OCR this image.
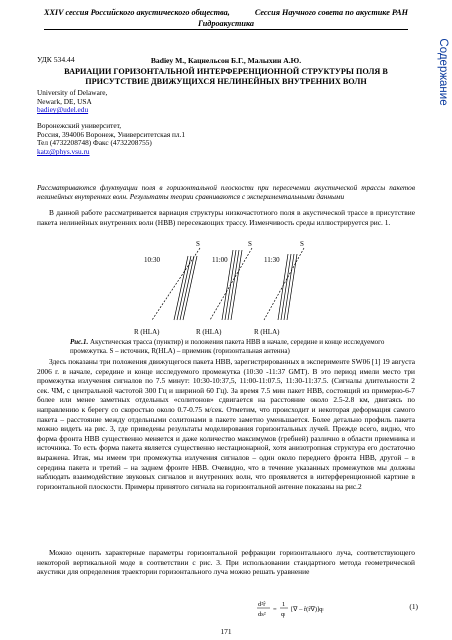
XXIV сессия Российского акустического общества,	Сессия Научного совета по акустике РАН
Гидроакустика
Содержание
УДК 534.44	Badiey M., Кацнельсон Б.Г., Малыхин А.Ю.
ВАРИАЦИИ ГОРИЗОНТАЛЬНОЙ ИНТЕРФЕРЕНЦИОННОЙ СТРУКТУРЫ ПОЛЯ В
ПРИСУТСТВИЕ ДВИЖУЩИХСЯ НЕЛИНЕЙНЫХ ВНУТРЕННИХ ВОЛН
University of Delaware,
Newark, DE, USA
badiey@udel.edu
Воронежский университет,
Россия, 394006 Воронеж, Университетская пл.1
Тел (4732208748) Факс (4732208755)
katz@phys.vsu.ru
Рассматриваются флуктуации поля в горизонтальной плоскости при пересечении акустической трассы пакетов нелинейных внутренних волн. Результаты теории сравниваются с экспериментальными данными
В данной работе рассматривается вариация структуры низкочастотного поля в акустической трассе в присутствие пакета нелинейных внутренних волн (НВВ) пересекающих трассу. Изменчивость среды иллюстрируется рис. 1.
S	S	S
10:30	11:00	11:30
R (HLA)	R (HLA)	R (HLA)
Рис.1. Акустическая трасса (пунктир) и положения пакета НВВ в начале, середине и конце исследуемого промежутка. S – источник, R(HLA) – приемник (горизонтальная антенна)
Здесь показаны три положения движущегося пакета НВВ, зарегистрированных в эксперименте SW06 [1] 19 августа 2006 г. в начале, середине и конце исследуемого промежутка (10:30 -11:37 GMT). В это период имели место три промежутка излучения сигналов по 7.5 минут: 10:30-10:37,5, 11:00-11:07.5, 11:30-11:37.5. (Сигналы длительности 2 сек. ЧМ, с центральной частотой 300 Гц и шириной 60 Гц). За время 7.5 мин пакет НВВ, состоящий из примерно-6-7 более или менее заметных отдельных «солитонов» сдвигается на расстояние около 2.5-2.8 км, двигаясь по направлению к берегу со скоростью около 0.7-0.75 м/сек. Отметим, что происходит и некоторая деформация самого пакета – расстояние между отдельными солитонами в пакете заметно уменьшается. Более детально профиль пакета можно видеть на рис. 3, где приведены результаты моделирования горизонтальных лучей. Прежде всего, видно, что форма фронта НВВ существенно меняется и даже количество максимумов (гребней) различно в области приемника и источника. То есть форма пакета является существенно нестационарной, хотя анизотропная структура его достаточно выражена. Итак, мы имеем три промежутка излучения сигналов – один около переднего фронта НВВ, другой – в середина пакета и третий – на заднем фронте НВВ. Очевидно, что в течение указанных промежутков мы должны наблюдать взаимодействие звуковых сигналов и внутренних волн, что проявляется в интерференционной картине в горизонтальной плоскости. Примеры принятого сигнала на горизонтальной антенне показаны на рис.2
Можно оценить характерные параметры горизонтальной рефракции горизонтального луча, соответствующего некоторой вертикальной моде в соответствии с рис. 3. При использовании стандартного метода геометрической акустики для определения траектории горизонтального луча можно решать уравнение
d²ȓ
ds²
=
1
qₗ
[∇ – ȓ(ȓ∇)]qₗ	(1)
171
